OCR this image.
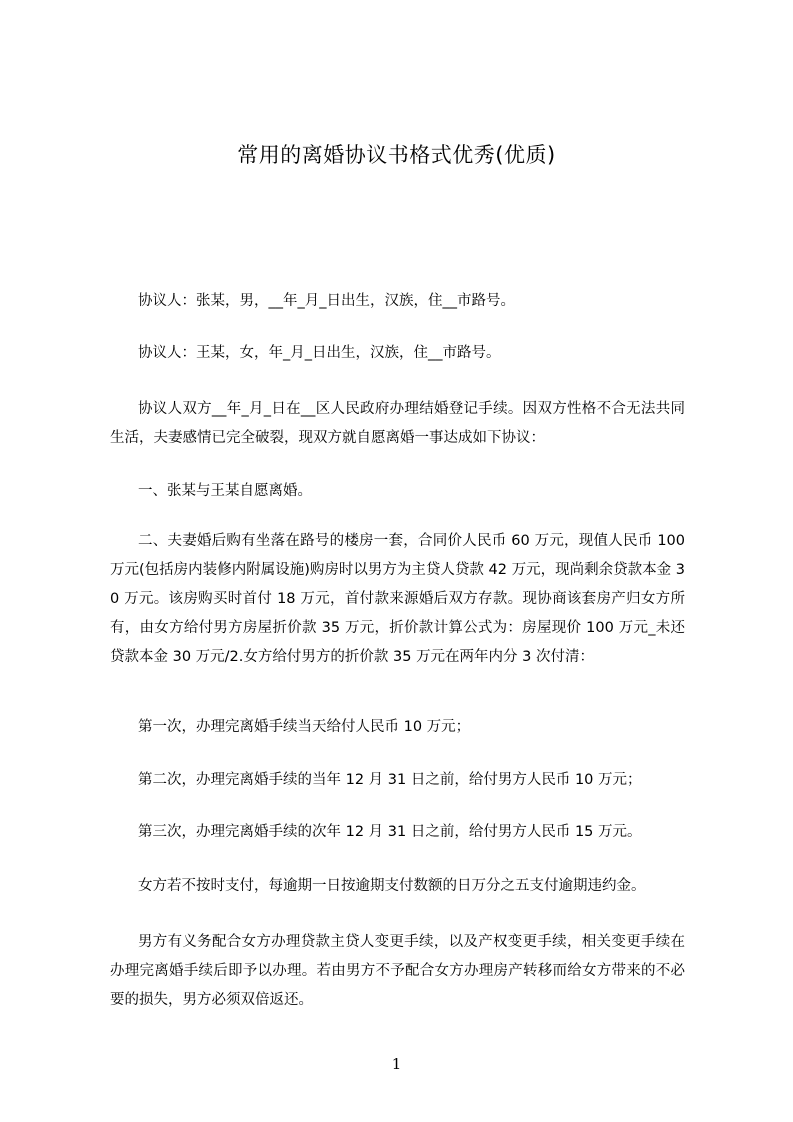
常用的离婚协议书格式优秀(优质)

协议人：张某，男，__年_月_日出生，汉族，住__市路号。

协议人：王某，女，年_月_日出生，汉族，住__市路号。

协议人双方__年_月_日在__区人民政府办理结婚登记手续。因双方性格不合无法共同生活，夫妻感情已完全破裂，现双方就自愿离婚一事达成如下协议：

一、张某与王某自愿离婚。

二、夫妻婚后购有坐落在路号的楼房一套，合同价人民币 60 万元，现值人民币 100 万元(包括房内装修内附属设施)购房时以男方为主贷人贷款 42 万元，现尚剩余贷款本金 30 万元。该房购买时首付 18 万元，首付款来源婚后双方存款。现协商该套房产归女方所有，由女方给付男方房屋折价款 35 万元，折价款计算公式为：房屋现价 100 万元_未还贷款本金 30 万元/2.女方给付男方的折价款 35 万元在两年内分 3 次付清：

第一次，办理完离婚手续当天给付人民币 10 万元；

第二次，办理完离婚手续的当年 12 月 31 日之前，给付男方人民币 10 万元；

第三次，办理完离婚手续的次年 12 月 31 日之前，给付男方人民币 15 万元。

女方若不按时支付，每逾期一日按逾期支付数额的日万分之五支付逾期违约金。

男方有义务配合女方办理贷款主贷人变更手续，以及产权变更手续，相关变更手续在办理完离婚手续后即予以办理。若由男方不予配合女方办理房产转移而给女方带来的不必要的损失，男方必须双倍返还。

1
